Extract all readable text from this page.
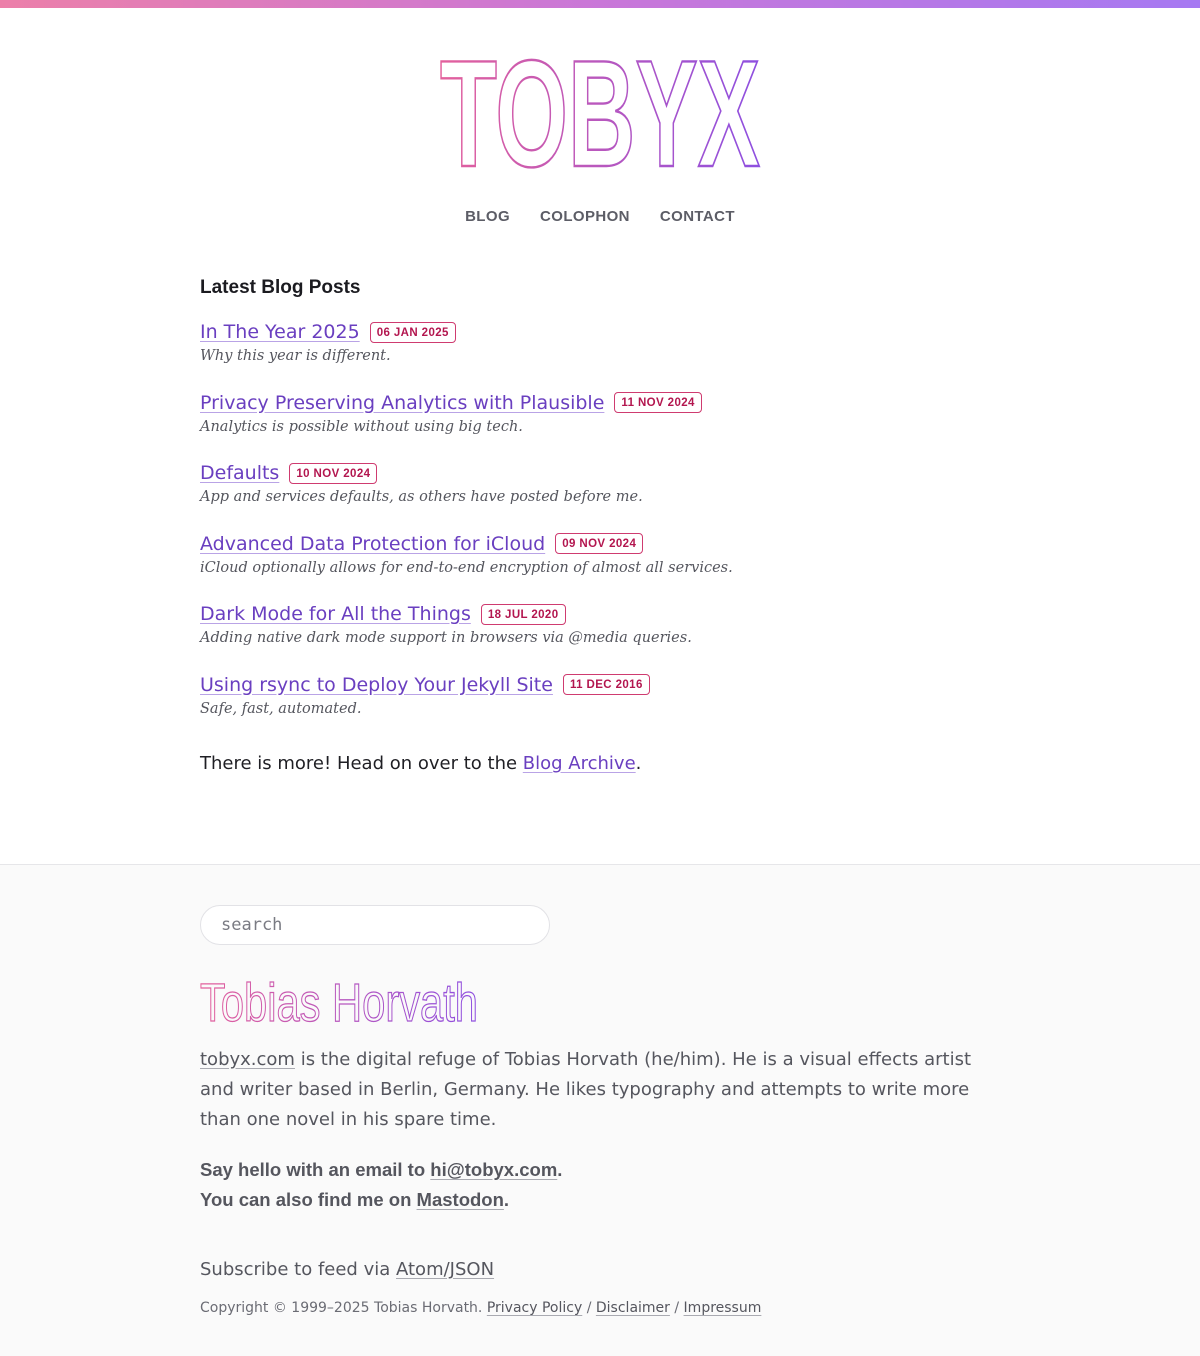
TOBYX
BLOG COLOPHON CONTACT
Latest Blog Posts
In The Year 2025	06 JAN 2025

Why this year is different.

Privacy Preserving Analytics with Plausible	11 NOV 2024

Analytics is possible without using big tech.

Defaults	10 NOV 2024

App and services defaults, as others have posted before me.

Advanced Data Protection for iCloud	09 NOV 2024

iCloud optionally allows for end-to-end encryption of almost all services.

Dark Mode for All the Things	18 JUL 2020

Adding native dark mode support in browsers via @media queries.

Using rsync to Deploy Your Jekyll Site	11 DEC 2016

Safe, fast, automated.

There is more! Head on over to the Blog Archive.

search
Tobias Horvath

tobyx.com is the digital refuge of Tobias Horvath (he/him). He is a visual effects artist and writer based in Berlin, Germany. He likes typography and attempts to write more than one novel in his spare time.

Say hello with an email to hi@tobyx.com.
You can also find me on Mastodon.

Subscribe to feed via Atom/JSON

Copyright © 1999–2025 Tobias Horvath. Privacy Policy / Disclaimer / Impressum
